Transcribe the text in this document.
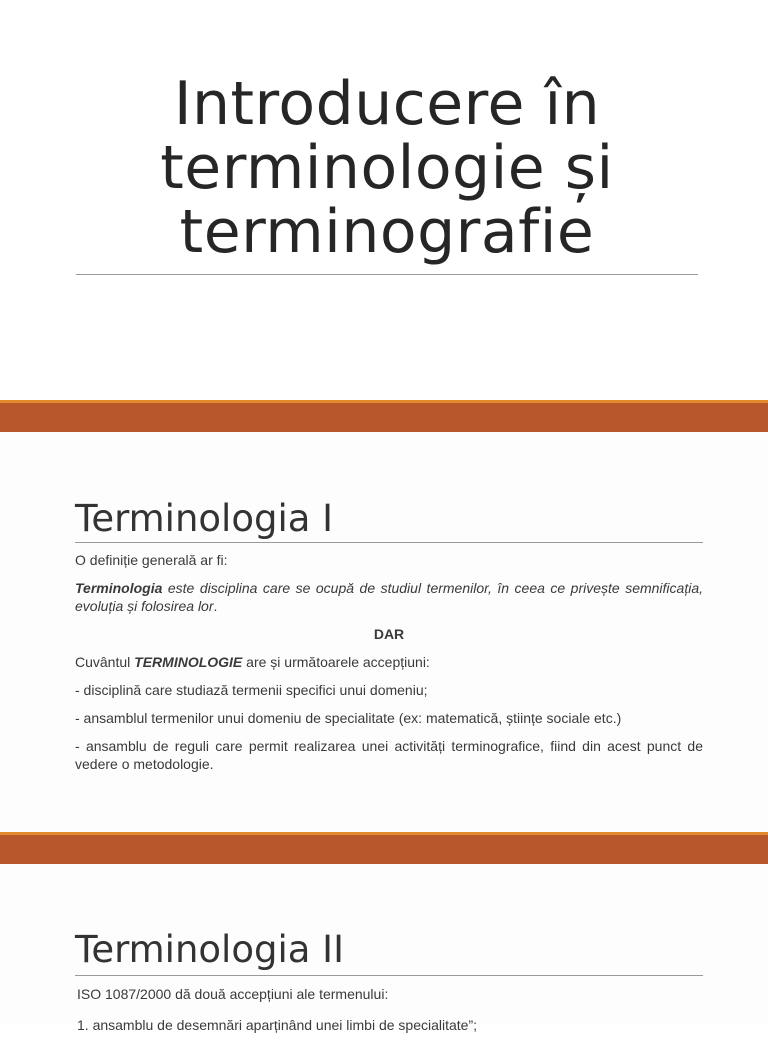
Introducere în
terminologie și
terminografie
Terminologia I

O definiție generală ar fi:

Terminologia este disciplina care se ocupă de studiul termenilor, în ceea ce privește semnificația, evoluția și folosirea lor.

DAR

Cuvântul TERMINOLOGIE are și următoarele accepțiuni:

- disciplină care studiază termenii specifici unui domeniu;

- ansamblul termenilor unui domeniu de specialitate (ex: matematică, științe sociale etc.)

- ansamblu de reguli care permit realizarea unei activități terminografice, fiind din acest punct de vedere o metodologie.

Terminologia II

ISO 1087/2000 dă două accepțiuni ale termenului:

1. ansamblu de desemnări aparținând unei limbi de specialitate”;
